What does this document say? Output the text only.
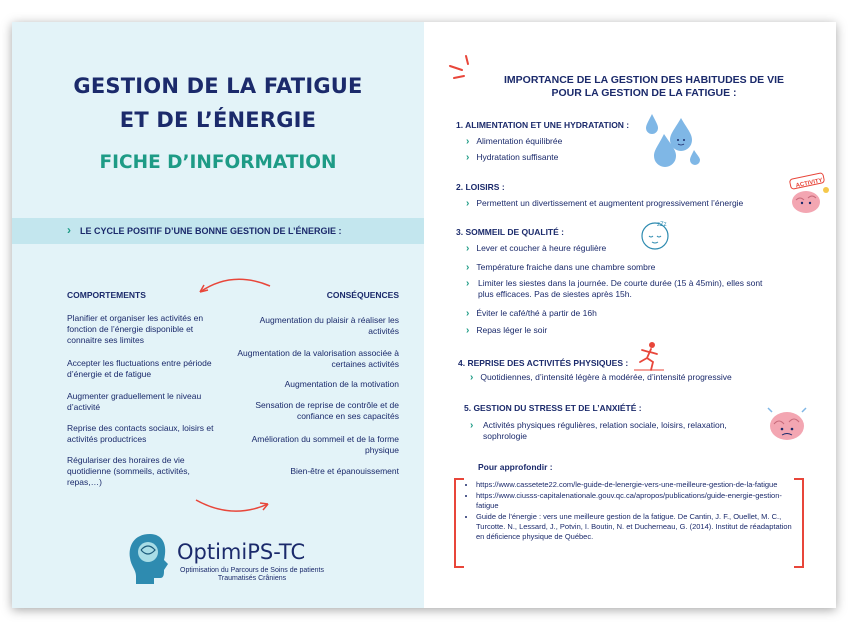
GESTION DE LA FATIGUE
ET DE L’ÉNERGIE
FICHE D’INFORMATION
› LE CYCLE POSITIF D’UNE BONNE GESTION DE L’ÉNERGIE :
COMPORTEMENTS	CONSÉQUENCES
Planifier et organiser les activités en fonction de l’énergie disponible et connaitre ses limites
Accepter les fluctuations entre période d’énergie et de fatigue
Augmenter graduellement le niveau d’activité
Reprise des contacts sociaux, loisirs et activités productrices
Régulariser des horaires de vie quotidienne (sommeils, activités, repas,…)
Augmentation du plaisir à réaliser les activités
Augmentation de la valorisation associée à certaines activités
Augmentation de la motivation
Sensation de reprise de contrôle et de confiance en ses capacités
Amélioration du sommeil et de la forme physique
Bien-être et épanouissement
OptimiPS-TC
Optimisation du Parcours de Soins de patients Traumatisés Crâniens
IMPORTANCE DE LA GESTION DES HABITUDES DE VIE
POUR LA GESTION DE LA FATIGUE :
1. ALIMENTATION ET UNE HYDRATATION :
› Alimentation équilibrée
› Hydratation suffisante
2. LOISIRS :
› Permettent un divertissement et augmentent progressivement l’énergie
ACTIVITY
3. SOMMEIL DE QUALITÉ :
zZz
› Lever et coucher à heure régulière
› Température fraiche dans une chambre sombre
› Limiter les siestes dans la journée. De courte durée (15 à 45min), elles sont plus efficaces. Pas de siestes après 15h.
› Éviter le café/thé à partir de 16h
› Repas léger le soir
4. REPRISE DES ACTIVITÉS PHYSIQUES :
› Quotidiennes, d’intensité légère à modérée, d’intensité progressive
5. GESTION DU STRESS ET DE L’ANXIÉTÉ :
› Activités physiques régulières, relation sociale, loisirs, relaxation, sophrologie
Pour approfondir :
• https://www.cassetete22.com/le-guide-de-lenergie-vers-une-meilleure-gestion-de-la-fatigue
• https://www.ciusss-capitalenationale.gouv.qc.ca/apropos/publications/guide-energie-gestion-fatigue
• Guide de l’énergie : vers une meilleure gestion de la fatigue. De Cantin, J. F., Ouellet, M. C., Turcotte. N., Lessard, J., Potvin, I. Boutin, N. et Ducherneau, G. (2014). Institut de réadaptation en déficience physique de Québec.
